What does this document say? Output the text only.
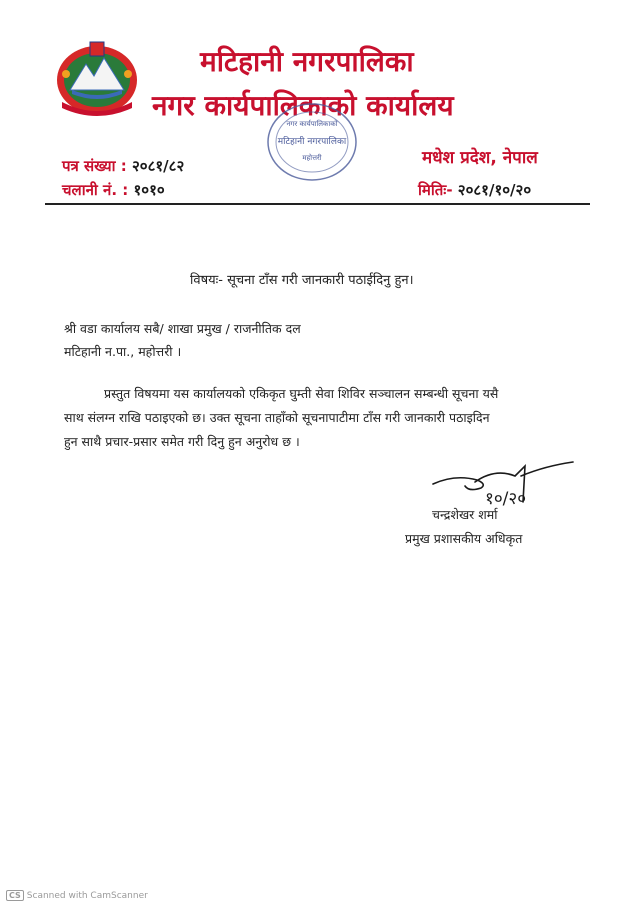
मटिहानी नगरपालिका
नगर कार्यपालिकाको कार्यालय
नगर कार्यपालिकाको
मटिहानी नगरपालिका
महोत्तरी
पत्र संख्या : २०८१/८२
चलानी नं. : १०१०
मधेश प्रदेश, नेपाल
मितिः- २०८१/१०/२०
विषयः- सूचना टाँस गरी जानकारी पठाईदिनु हुन।
श्री वडा कार्यालय सबै/ शाखा प्रमुख / राजनीतिक दल
मटिहानी न.पा., महोत्तरी ।
प्रस्तुत विषयमा यस कार्यालयको एकिकृत घुम्ती सेवा शिविर सञ्चालन सम्बन्धी सूचना यसै
साथ संलग्न राखि पठाइएको छ। उक्त सूचना ताहाँको सूचनापाटीमा टाँस गरी जानकारी पठाइदिन
हुन साथै प्रचार-प्रसार समेत गरी दिनु हुन अनुरोध छ ।
१०/२०
चन्द्रशेखर शर्मा
प्रमुख प्रशासकीय अधिकृत
CS Scanned with CamScanner
